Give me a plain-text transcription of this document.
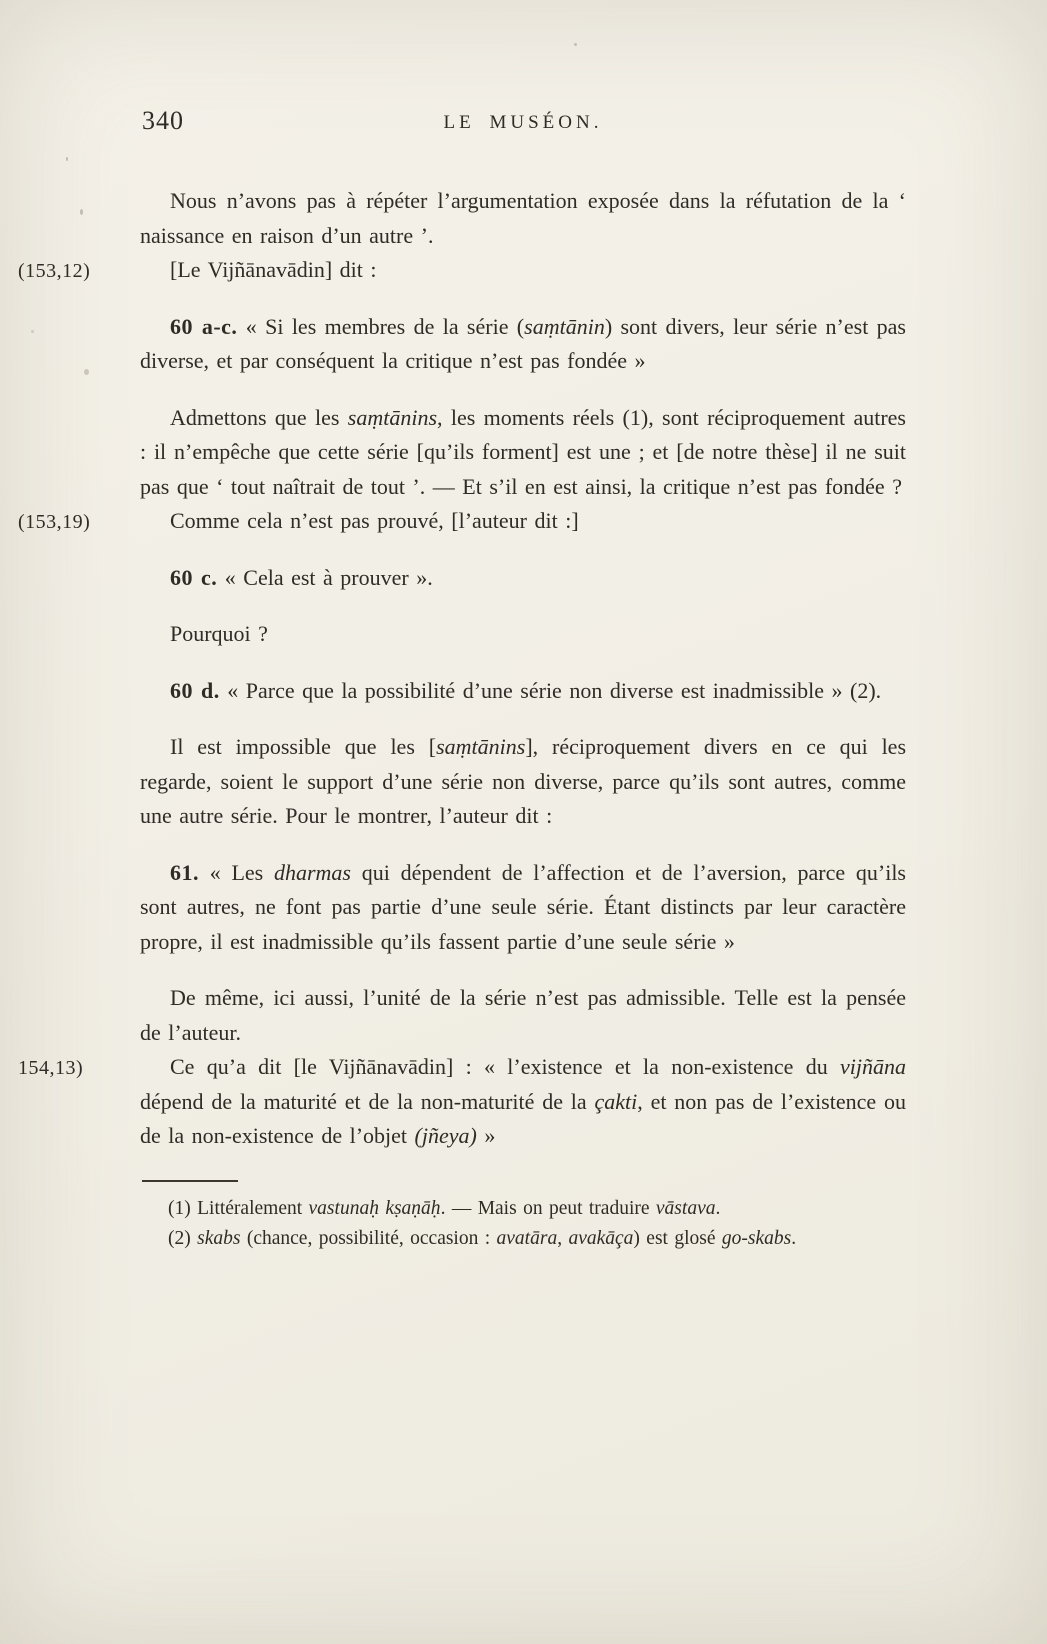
340	LE MUSÉON.

Nous n’avons pas à répéter l’argumentation exposée dans la réfutation de la ‘ naissance en raison d’un autre ’.

(153,12)	[Le Vijñānavādin] dit :

60 a-c. « Si les membres de la série (saṃtānin) sont divers, leur série n’est pas diverse, et par conséquent la critique n’est pas fondée »

Admettons que les saṃtānins, les moments réels (1), sont réciproquement autres : il n’empêche que cette série [qu’ils forment] est une ; et [de notre thèse] il ne suit pas que ‘ tout naîtrait de tout ’. — Et s’il en est ainsi, la critique n’est pas fondée ?

(153,19)	Comme cela n’est pas prouvé, [l’auteur dit :]

60 c. « Cela est à prouver ».

Pourquoi ?

60 d. « Parce que la possibilité d’une série non diverse est inadmissible » (2).

Il est impossible que les [saṃtānins], réciproquement divers en ce qui les regarde, soient le support d’une série non diverse, parce qu’ils sont autres, comme une autre série. Pour le montrer, l’auteur dit :

61. « Les dharmas qui dépendent de l’affection et de l’aversion, parce qu’ils sont autres, ne font pas partie d’une seule série. Étant distincts par leur caractère propre, il est inadmissible qu’ils fassent partie d’une seule série »

De même, ici aussi, l’unité de la série n’est pas admissible. Telle est la pensée de l’auteur.

154,13)	Ce qu’a dit [le Vijñānavādin] : « l’existence et la non-existence du vijñāna dépend de la maturité et de la non-maturité de la çakti, et non pas de l’existence ou de la non-existence de l’objet (jñeya) »

(1) Littéralement vastunaḥ kṣaṇāḥ. — Mais on peut traduire vāstava.

(2) skabs (chance, possibilité, occasion : avatāra, avakāça) est glosé go-skabs.
